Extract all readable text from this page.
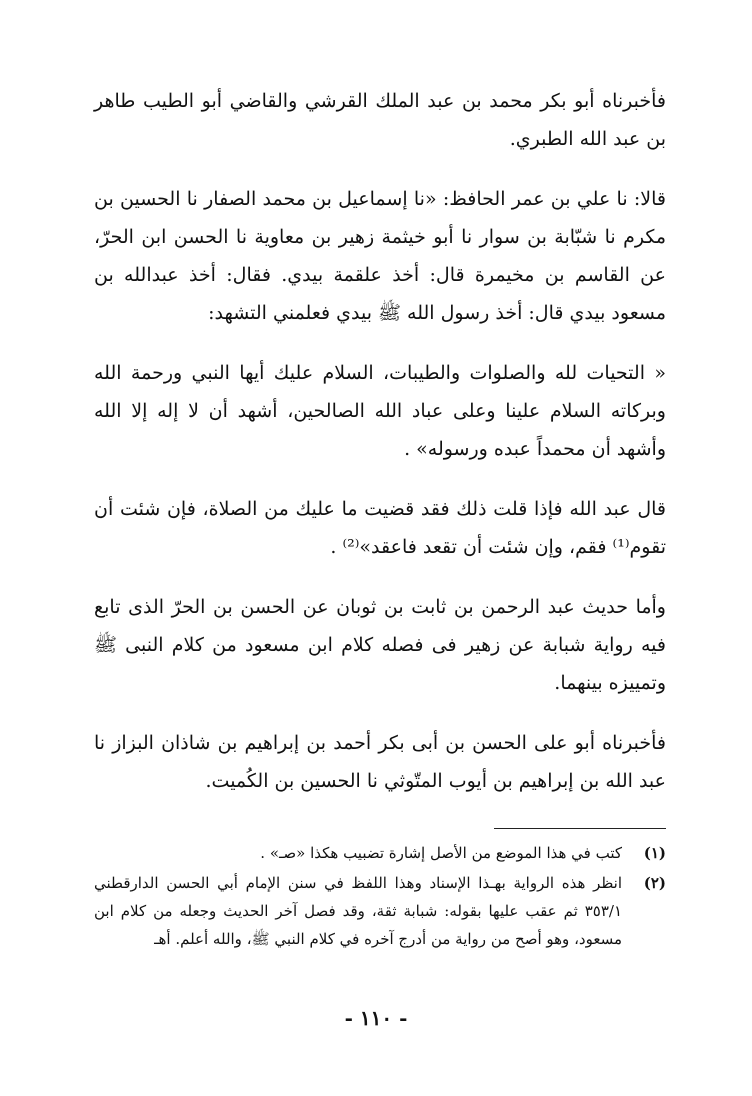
فأخبرناه أبو بكر محمد بن عبد الملك القرشي والقاضي أبو الطيب طاهر بن عبد الله الطبري.

قالا: نا علي بن عمر الحافظ: «نا إسماعيل بن محمد الصفار نا الحسين بن مكرم نا شبّابة بن سوار نا أبو خيثمة زهير بن معاوية نا الحسن ابن الحرّ، عن القاسم بن مخيمرة قال: أخذ علقمة بيدي. فقال: أخذ عبدالله بن مسعود بيدي قال: أخذ رسول الله ﷺ بيدي فعلمني التشهد:

« التحيات لله والصلوات والطيبات، السلام عليك أيها النبي ورحمة الله وبركاته السلام علينا وعلى عباد الله الصالحين، أشهد أن لا إله إلا الله وأشهد أن محمداً عبده ورسوله» .

قال عبد الله فإذا قلت ذلك فقد قضيت ما عليك من الصلاة، فإن شئت أن تقوم⁽¹⁾ فقم، وإن شئت أن تقعد فاعقد»⁽²⁾ .

وأما حديث عبد الرحمن بن ثابت بن ثوبان عن الحسن بن الحرّ الذى تابع فيه رواية شبابة عن زهير فى فصله كلام ابن مسعود من كلام النبى ﷺ وتمييزه بينهما.

فأخبرناه أبو على الحسن بن أبى بكر أحمد بن إبراهيم بن شاذان البزاز نا عبد الله بن إبراهيم بن أيوب المتّوثي نا الحسين بن الكُميت.

(١)
كتب في هذا الموضع من الأصل إشارة تضبيب هكذا «صـ» .
(٢)
انظر هذه الرواية بهـذا الإسناد وهذا اللفظ في سنن الإمام أبي الحسن الدارقطني ٣٥٣/١ ثم عقب عليها بقوله: شبابة ثقة، وقد فصل آخر الحديث وجعله من كلام ابن مسعود، وهو أصح من رواية من أدرج آخره في كلام النبي ﷺ، والله أعلم. أهـ
- ١١٠ -
